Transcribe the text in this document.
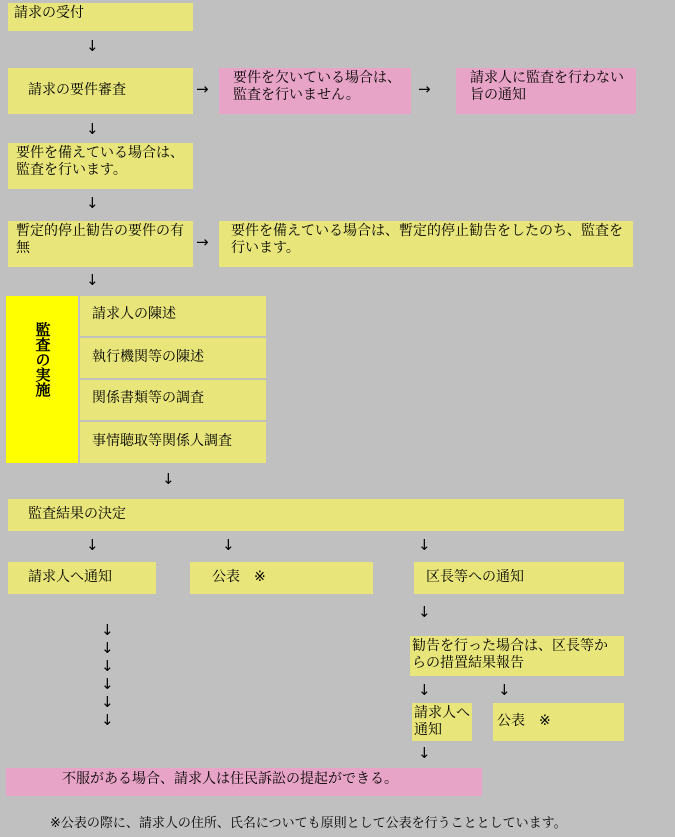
請求の受付
↓
請求の要件審査	→
要件を欠いている場合は、監査を行いません。	→
請求人に監査を行わない旨の通知
↓
要件を備えている場合は、監査を行います。
↓
暫定的停止勧告の要件の有無	→
要件を備えている場合は、暫定的停止勧告をしたのち、監査を行います。
↓
監査の実施
請求人の陳述
執行機関等の陳述
関係書類等の調査
事情聴取等関係人調査
↓
監査結果の決定
↓	↓	↓
請求人へ通知	公表　※	区長等への通知
↓
↓
↓
↓
↓
↓
↓
勧告を行った場合は、区長等からの措置結果報告
↓	↓
請求人へ通知
公表　※
↓
不服がある場合、請求人は住民訴訟の提起ができる。
※公表の際に、請求人の住所、氏名についても原則として公表を行うこととしています。
